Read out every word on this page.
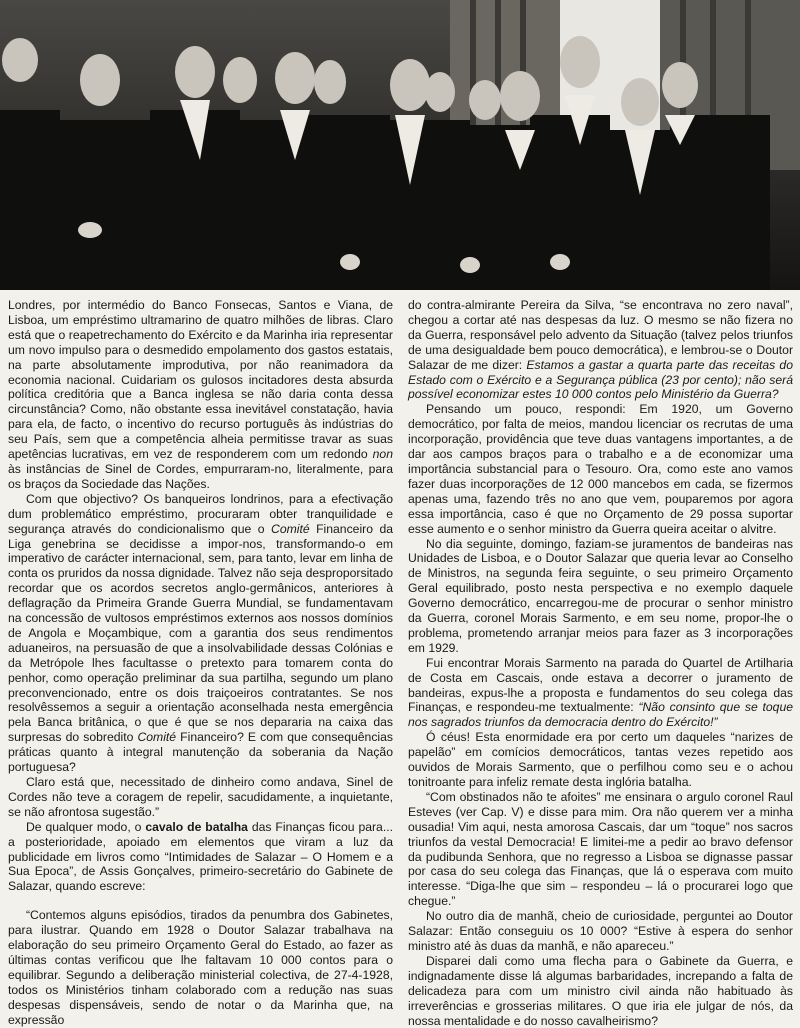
Londres, por intermédio do Banco Fonsecas, Santos e Viana, de Lisboa, um empréstimo ultramarino de quatro milhões de libras. Claro está que o reapetrechamento do Exército e da Marinha iria representar um novo impulso para o desmedido empolamento dos gastos estatais, na parte absolutamente improdutiva, por não reanimadora da economia nacional. Cuidariam os gulosos incitadores desta absurda política creditória que a Banca inglesa se não daria conta dessa circunstância? Como, não obstante essa inevitável constatação, havia para ela, de facto, o incentivo do recurso português às indústrias do seu País, sem que a competência alheia permitisse travar as suas apetências lucrativas, em vez de responderem com um redondo non às instâncias de Sinel de Cordes, empurraram-no, literalmente, para os braços da Sociedade das Nações.

Com que objectivo? Os banqueiros londrinos, para a efectivação dum problemático empréstimo, procuraram obter tranquilidade e segurança através do condicionalismo que o Comité Financeiro da Liga genebrina se decidisse a impor-nos, transformando-o em imperativo de carácter internacional, sem, para tanto, levar em linha de conta os pruridos da nossa dignidade. Talvez não seja desproporsitado recordar que os acordos secretos anglo-germânicos, anteriores à deflagração da Primeira Grande Guerra Mundial, se fundamentavam na concessão de vultosos empréstimos externos aos nossos domínios de Angola e Moçambique, com a garantia dos seus rendimentos aduaneiros, na persuasão de que a insolvabilidade dessas Colónias e da Metrópole lhes facultasse o pretexto para tomarem conta do penhor, como operação preliminar da sua partilha, segundo um plano preconvencionado, entre os dois traiçoeiros contratantes. Se nos resolvêssemos a seguir a orientação aconselhada nesta emergência pela Banca britânica, o que é que se nos depararia na caixa das surpresas do sobredito Comité Financeiro? E com que consequências práticas quanto à integral manutenção da soberania da Nação portuguesa?

Claro está que, necessitado de dinheiro como andava, Sinel de Cordes não teve a coragem de repelir, sacudidamente, a inquietante, se não afrontosa sugestão.”

De qualquer modo, o cavalo de batalha das Finanças ficou para... a posterioridade, apoiado em elementos que viram a luz da publicidade em livros como “Intimidades de Salazar – O Homem e a Sua Epoca”, de Assis Gonçalves, primeiro-secretário do Gabinete de Salazar, quando escreve:

“Contemos alguns episódios, tirados da penumbra dos Gabinetes, para ilustrar. Quando em 1928 o Doutor Salazar trabalhava na elaboração do seu primeiro Orçamento Geral do Estado, ao fazer as últimas contas verificou que lhe faltavam 10 000 contos para o equilibrar. Segundo a deliberação ministerial colectiva, de 27-4-1928, todos os Ministérios tinham colaborado com a redução nas suas despesas dispensáveis, sendo de notar o da Marinha que, na expressão

do contra-almirante Pereira da Silva, “se encontrava no zero naval”, chegou a cortar até nas despesas da luz. O mesmo se não fizera no da Guerra, responsável pelo advento da Situação (talvez pelos triunfos de uma desigualdade bem pouco democrática), e lembrou-se o Doutor Salazar de me dizer: Estamos a gastar a quarta parte das receitas do Estado com o Exército e a Segurança pública (23 por cento); não será possível economizar estes 10 000 contos pelo Ministério da Guerra?

Pensando um pouco, respondi: Em 1920, um Governo democrático, por falta de meios, mandou licenciar os recrutas de uma incorporação, providência que teve duas vantagens importantes, a de dar aos campos braços para o trabalho e a de economizar uma importância substancial para o Tesouro. Ora, como este ano vamos fazer duas incorporações de 12 000 mancebos em cada, se fizermos apenas uma, fazendo três no ano que vem, pouparemos por agora essa importância, caso é que no Orçamento de 29 possa suportar esse aumento e o senhor ministro da Guerra queira aceitar o alvitre.

No dia seguinte, domingo, faziam-se juramentos de bandeiras nas Unidades de Lisboa, e o Doutor Salazar que queria levar ao Conselho de Ministros, na segunda feira seguinte, o seu primeiro Orçamento Geral equilibrado, posto nesta perspectiva e no exemplo daquele Governo democrático, encarregou-me de procurar o senhor ministro da Guerra, coronel Morais Sarmento, e em seu nome, propor-lhe o problema, prometendo arranjar meios para fazer as 3 incorporações em 1929.

Fui encontrar Morais Sarmento na parada do Quartel de Artilharia de Costa em Cascais, onde estava a decorrer o juramento de bandeiras, expus-lhe a proposta e fundamentos do seu colega das Finanças, e respondeu-me textualmente: “Não consinto que se toque nos sagrados triunfos da democracia dentro do Exército!”

Ó céus! Esta enormidade era por certo um daqueles “narizes de papelão” em comícios democráticos, tantas vezes repetido aos ouvidos de Morais Sarmento, que o perfilhou como seu e o achou tonitroante para infeliz remate desta inglória batalha.

“Com obstinados não te afoites” me ensinara o argulo coronel Raul Esteves (ver Cap. V) e disse para mim. Ora não querem ver a minha ousadia! Vim aqui, nesta amorosa Cascais, dar um “toque” nos sacros triunfos da vestal Democracia! E limitei-me a pedir ao bravo defensor da pudibunda Senhora, que no regresso a Lisboa se dignasse passar por casa do seu colega das Finanças, que lá o esperava com muito interesse. “Diga-lhe que sim – respondeu – lá o procurarei logo que chegue.”

No outro dia de manhã, cheio de curiosidade, perguntei ao Doutor Salazar: Então conseguiu os 10 000? “Estive à espera do senhor ministro até às duas da manhã, e não apareceu.”

Disparei dali como uma flecha para o Gabinete da Guerra, e indignadamente disse lá algumas barbaridades, increpando a falta de delicadeza para com um ministro civil ainda não habituado às irreverências e grosserias militares. O que iria ele julgar de nós, da nossa mentalidade e do nosso cavalheirismo?
